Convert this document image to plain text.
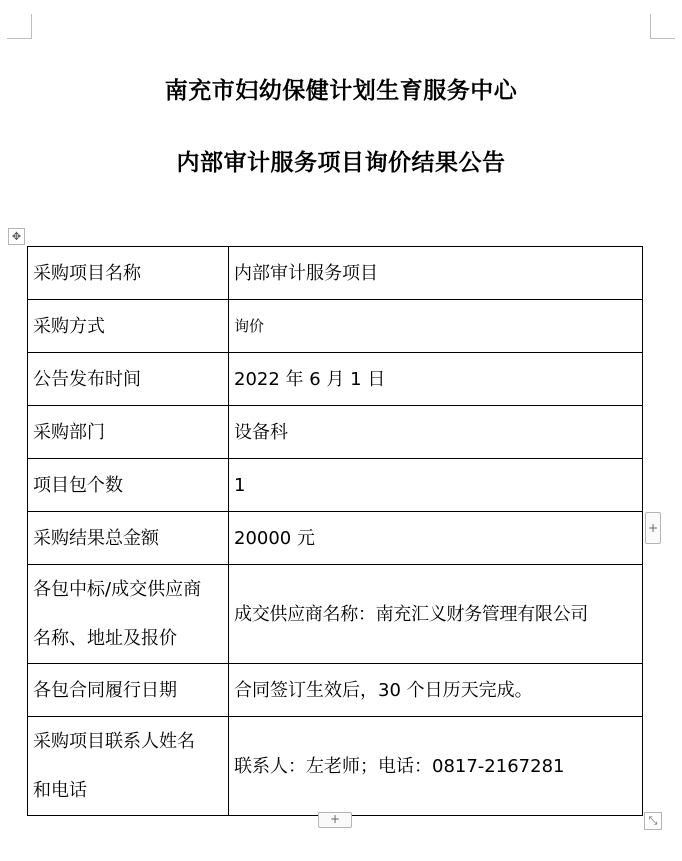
南充市妇幼保健计划生育服务中心
内部审计服务项目询价结果公告
✥
采购项目名称	内部审计服务项目
采购方式	询价
公告发布时间	2022 年 6 月 1 日
采购部门	设备科
项目包个数	1
采购结果总金额	20000 元

各包中标/成交供应商
名称、地址及报价	成交供应商名称：南充汇义财务管理有限公司
各包合同履行日期	合同签订生效后，30 个日历天完成。

采购项目联系人姓名
和电话	联系人：左老师；电话：0817-2167281
+
+	⤡
